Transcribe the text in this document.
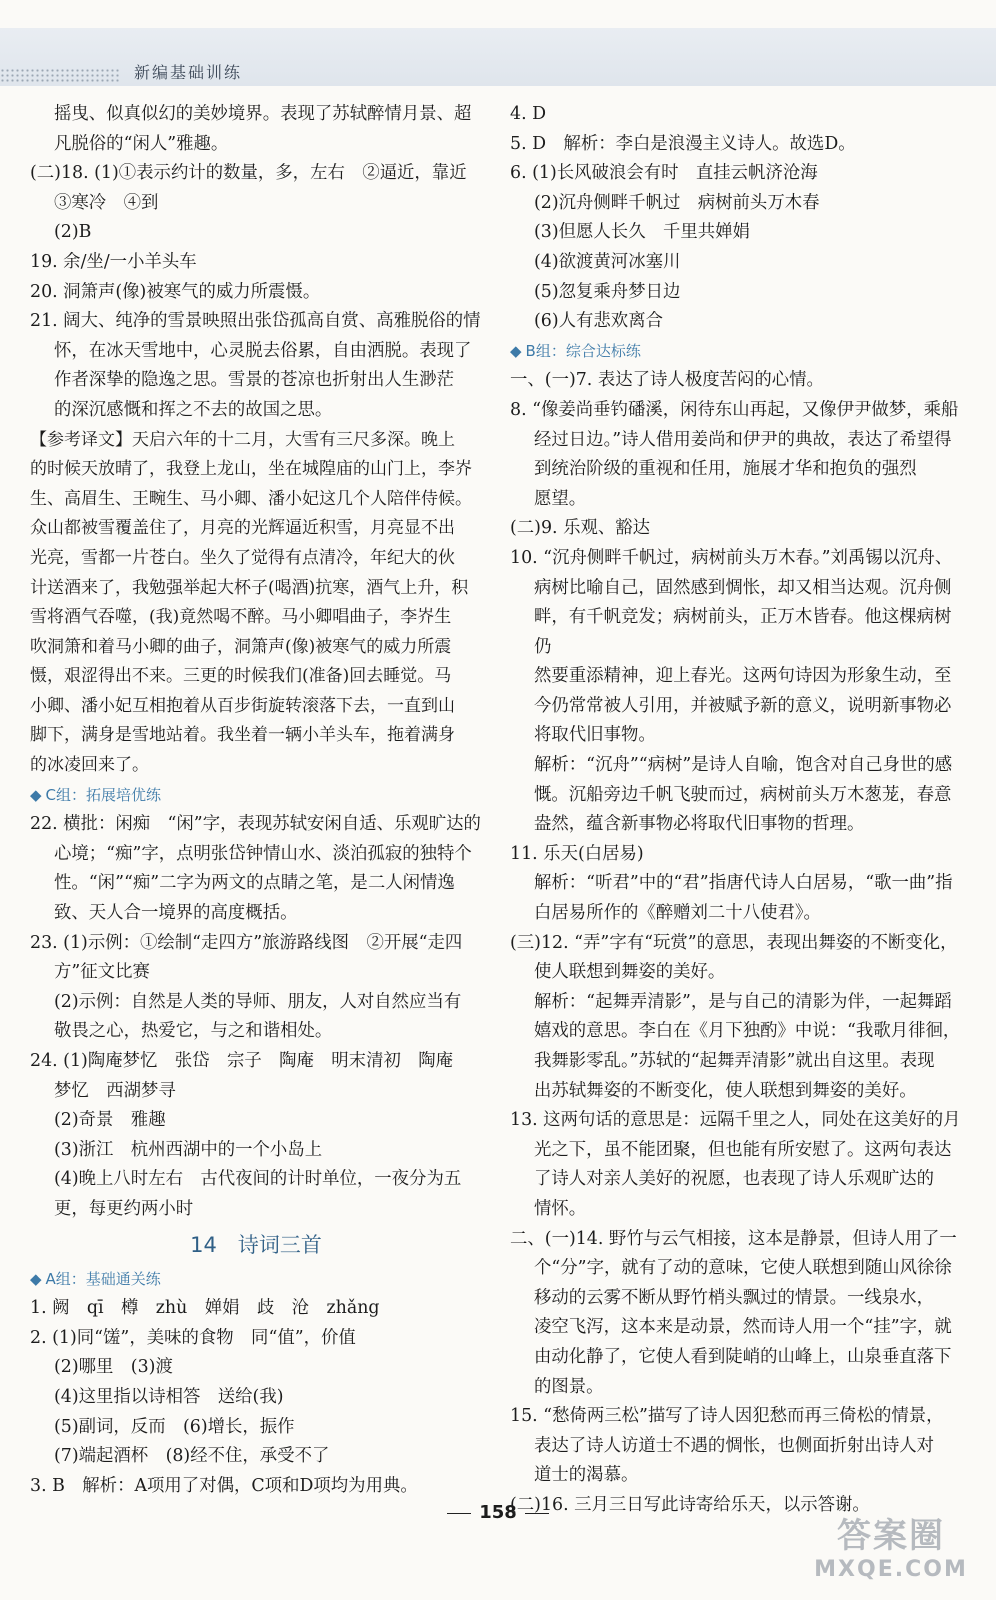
新编基础训练

摇曳、似真似幻的美妙境界。表现了苏轼醉情月景、超

凡脱俗的“闲人”雅趣。

(二)18. (1)①表示约计的数量，多，左右　②逼近，靠近

③寒冷　④到

(2)B

19. 余/坐/一小羊头车

20. 洞箫声(像)被寒气的威力所震慑。

21. 阔大、纯净的雪景映照出张岱孤高自赏、高雅脱俗的情

怀，在冰天雪地中，心灵脱去俗累，自由洒脱。表现了

作者深挚的隐逸之思。雪景的苍凉也折射出人生渺茫

的深沉感慨和挥之不去的故国之思。

【参考译文】天启六年的十二月，大雪有三尺多深。晚上

的时候天放晴了，我登上龙山，坐在城隍庙的山门上，李岕

生、高眉生、王畹生、马小卿、潘小妃这几个人陪伴侍候。

众山都被雪覆盖住了，月亮的光辉逼近积雪，月亮显不出

光亮，雪都一片苍白。坐久了觉得有点清冷，年纪大的伙

计送酒来了，我勉强举起大杯子(喝酒)抗寒，酒气上升，积

雪将酒气吞噬，(我)竟然喝不醉。马小卿唱曲子，李岕生

吹洞箫和着马小卿的曲子，洞箫声(像)被寒气的威力所震

慑，艰涩得出不来。三更的时候我们(准备)回去睡觉。马

小卿、潘小妃互相抱着从百步街旋转滚落下去，一直到山

脚下，满身是雪地站着。我坐着一辆小羊头车，拖着满身

的冰凌回来了。

◆ C组：拓展培优练

22. 横批：闲痴　“闲”字，表现苏轼安闲自适、乐观旷达的

心境；“痴”字，点明张岱钟情山水、淡泊孤寂的独特个

性。“闲”“痴”二字为两文的点睛之笔，是二人闲情逸

致、天人合一境界的高度概括。

23. (1)示例：①绘制“走四方”旅游路线图　②开展“走四

方”征文比赛

(2)示例：自然是人类的导师、朋友，人对自然应当有

敬畏之心，热爱它，与之和谐相处。

24. (1)陶庵梦忆　张岱　宗子　陶庵　明末清初　陶庵

梦忆　西湖梦寻

(2)奇景　雅趣

(3)浙江　杭州西湖中的一个小岛上

(4)晚上八时左右　古代夜间的计时单位，一夜分为五

更，每更约两小时

14　诗词三首

◆ A组：基础通关练

1. 阙　qī　樽　zhù　婵娟　歧　沧　zhǎng

2. (1)同“馐”，美味的食物　同“值”，价值

(2)哪里　(3)渡

(4)这里指以诗相答　送给(我)

(5)副词，反而　(6)增长，振作

(7)端起酒杯　(8)经不住，承受不了

3. B　解析：A项用了对偶，C项和D项均为用典。

4. D

5. D　解析：李白是浪漫主义诗人。故选D。

6. (1)长风破浪会有时　直挂云帆济沧海

(2)沉舟侧畔千帆过　病树前头万木春

(3)但愿人长久　千里共婵娟

(4)欲渡黄河冰塞川

(5)忽复乘舟梦日边

(6)人有悲欢离合

◆ B组：综合达标练

一、(一)7. 表达了诗人极度苦闷的心情。

8. “像姜尚垂钓磻溪，闲待东山再起，又像伊尹做梦，乘船

经过日边。”诗人借用姜尚和伊尹的典故，表达了希望得

到统治阶级的重视和任用，施展才华和抱负的强烈

愿望。

(二)9. 乐观、豁达

10. “沉舟侧畔千帆过，病树前头万木春。”刘禹锡以沉舟、

病树比喻自己，固然感到惆怅，却又相当达观。沉舟侧

畔，有千帆竞发；病树前头，正万木皆春。他这棵病树仍

然要重添精神，迎上春光。这两句诗因为形象生动，至

今仍常常被人引用，并被赋予新的意义，说明新事物必

将取代旧事物。

解析：“沉舟”“病树”是诗人自喻，饱含对自己身世的感

慨。沉船旁边千帆飞驶而过，病树前头万木葱茏，春意

盎然，蕴含新事物必将取代旧事物的哲理。

11. 乐天(白居易)

解析：“听君”中的“君”指唐代诗人白居易，“歌一曲”指

白居易所作的《醉赠刘二十八使君》。

(三)12. “弄”字有“玩赏”的意思，表现出舞姿的不断变化，

使人联想到舞姿的美好。

解析：“起舞弄清影”，是与自己的清影为伴，一起舞蹈

嬉戏的意思。李白在《月下独酌》中说：“我歌月徘徊，

我舞影零乱。”苏轼的“起舞弄清影”就出自这里。表现

出苏轼舞姿的不断变化，使人联想到舞姿的美好。

13. 这两句话的意思是：远隔千里之人，同处在这美好的月

光之下，虽不能团聚，但也能有所安慰了。这两句表达

了诗人对亲人美好的祝愿，也表现了诗人乐观旷达的

情怀。

二、(一)14. 野竹与云气相接，这本是静景，但诗人用了一

个“分”字，就有了动的意味，它使人联想到随山风徐徐

移动的云雾不断从野竹梢头飘过的情景。一线泉水，

凌空飞泻，这本来是动景，然而诗人用一个“挂”字，就

由动化静了，它使人看到陡峭的山峰上，山泉垂直落下

的图景。

15. “愁倚两三松”描写了诗人因犯愁而再三倚松的情景，

表达了诗人访道士不遇的惆怅，也侧面折射出诗人对

道士的渴慕。

(二)16. 三月三日写此诗寄给乐天，以示答谢。

158
答案圈
MXQE.COM
